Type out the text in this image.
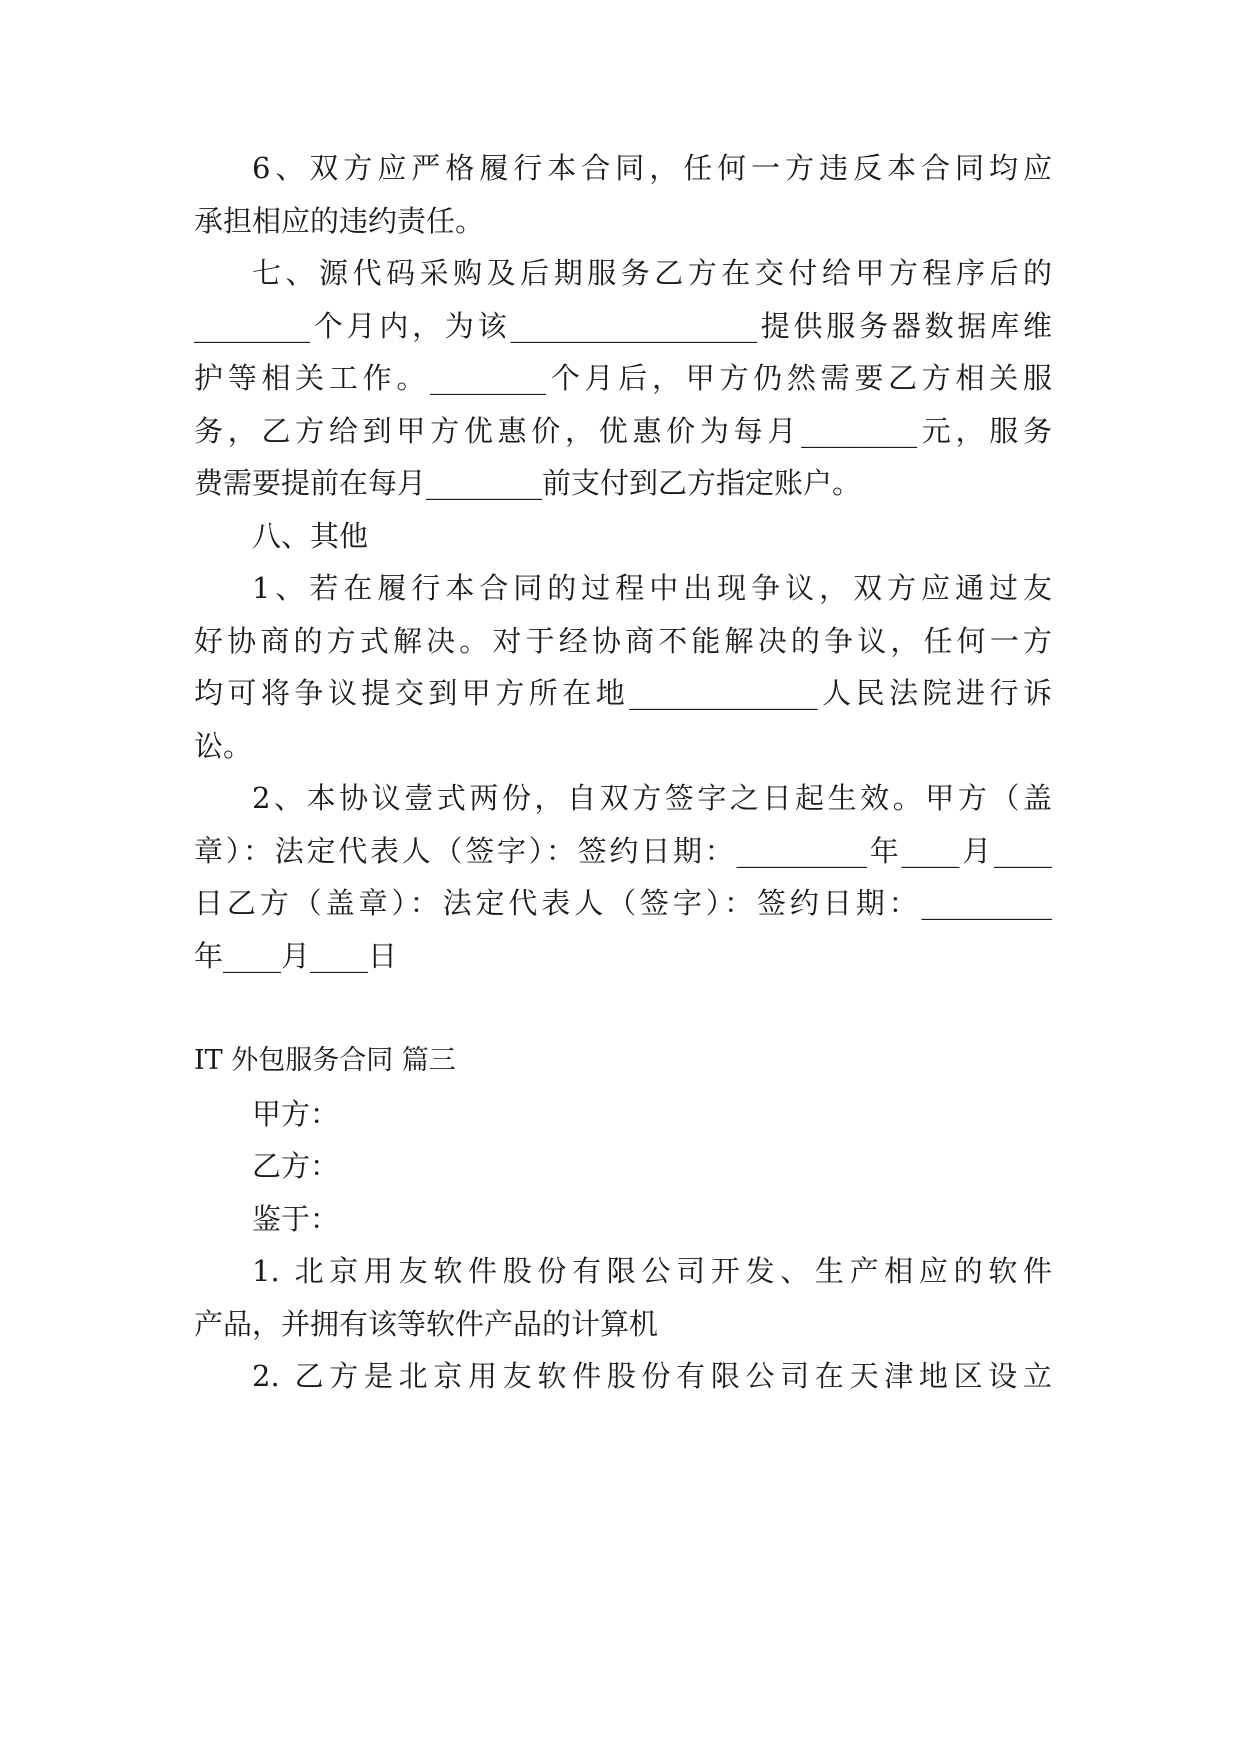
6、双方应严格履行本合同，任何一方违反本合同均应
承担相应的违约责任。
七、源代码采购及后期服务乙方在交付给甲方程序后的
________个月内，为该_________________提供服务器数据库维
护等相关工作。________个月后，甲方仍然需要乙方相关服
务，乙方给到甲方优惠价，优惠价为每月________元，服务
费需要提前在每月________前支付到乙方指定账户。
八、其他
1、若在履行本合同的过程中出现争议，双方应通过友
好协商的方式解决。对于经协商不能解决的争议，任何一方
均可将争议提交到甲方所在地_____________人民法院进行诉
讼。
2、本协议壹式两份，自双方签字之日起生效。甲方（盖
章）：法定代表人（签字）：签约日期：_________年____月____
日乙方（盖章）：法定代表人（签字）：签约日期：_________
年____月____日
IT 外包服务合同 篇三
甲方：
乙方：
鉴于：
1. 北京用友软件股份有限公司开发、生产相应的软件
产品，并拥有该等软件产品的计算机
2. 乙方是北京用友软件股份有限公司在天津地区设立
